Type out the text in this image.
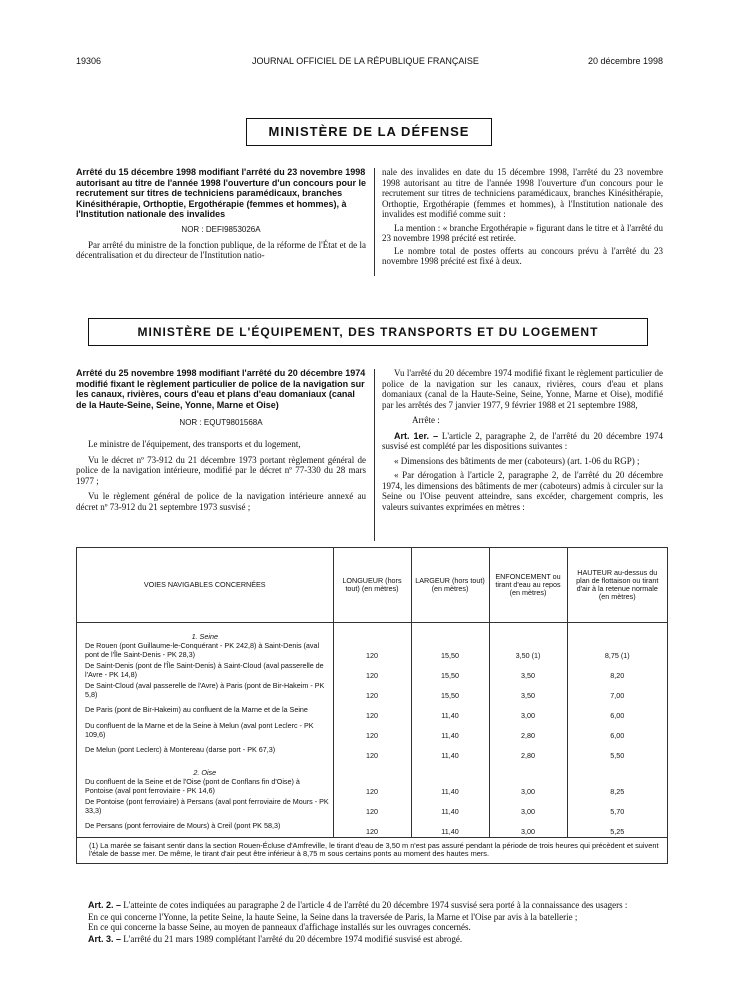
19306	JOURNAL OFFICIEL DE LA RÉPUBLIQUE FRANÇAISE	20 décembre 1998
MINISTÈRE DE LA DÉFENSE
Arrêté du 15 décembre 1998 modifiant l'arrêté du 23 novembre 1998 autorisant au titre de l'année 1998 l'ouverture d'un concours pour le recrutement sur titres de techniciens paramédicaux, branches Kinésithérapie, Orthoptie, Ergothérapie (femmes et hommes), à l'Institution nationale des invalides
NOR : DEFI9853026A

Par arrêté du ministre de la fonction publique, de la réforme de l'État et de la décentralisation et du directeur de l'Institution natio-

nale des invalides en date du 15 décembre 1998, l'arrêté du 23 novembre 1998 autorisant au titre de l'année 1998 l'ouverture d'un concours pour le recrutement sur titres de techniciens paramédicaux, branches Kinésithérapie, Orthoptie, Ergothérapie (femmes et hommes), à l'Institution nationale des invalides est modifié comme suit :

La mention : « branche Ergothérapie » figurant dans le titre et à l'arrêté du 23 novembre 1998 précité est retirée.

Le nombre total de postes offerts au concours prévu à l'arrêté du 23 novembre 1998 précité est fixé à deux.

MINISTÈRE DE L'ÉQUIPEMENT, DES TRANSPORTS ET DU LOGEMENT
Arrêté du 25 novembre 1998 modifiant l'arrêté du 20 décembre 1974 modifié fixant le règlement particulier de police de la navigation sur les canaux, rivières, cours d'eau et plans d'eau domaniaux (canal de la Haute-Seine, Seine, Yonne, Marne et Oise)
NOR : EQUT9801568A

Le ministre de l'équipement, des transports et du logement,

Vu le décret nº 73-912 du 21 décembre 1973 portant règlement général de police de la navigation intérieure, modifié par le décret nº 77-330 du 28 mars 1977 ;

Vu le règlement général de police de la navigation intérieure annexé au décret nº 73-912 du 21 septembre 1973 susvisé ;

Vu l'arrêté du 20 décembre 1974 modifié fixant le règlement particulier de police de la navigation sur les canaux, rivières, cours d'eau et plans domaniaux (canal de la Haute-Seine, Seine, Yonne, Marne et Oise), modifié par les arrêtés des 7 janvier 1977, 9 février 1988 et 21 septembre 1988,

Arrête :

Art. 1er. – L'article 2, paragraphe 2, de l'arrêté du 20 décembre 1974 susvisé est complété par les dispositions suivantes :

« Dimensions des bâtiments de mer (caboteurs) (art. 1-06 du RGP) ;

« Par dérogation à l'article 2, paragraphe 2, de l'arrêté du 20 décembre 1974, les dimensions des bâtiments de mer (caboteurs) admis à circuler sur la Seine ou l'Oise peuvent atteindre, sans excéder, chargement compris, les valeurs suivantes exprimées en mètres :

VOIES NAVIGABLES CONCERNÉES	LONGUEUR (hors tout) (en mètres)	LARGEUR (hors tout) (en mètres)	ENFONCEMENT ou tirant d'eau au repos (en mètres)	HAUTEUR au-dessus du plan de flottaison ou tirant d'air à la retenue normale (en mètres)
1. Seine				
De Rouen (pont Guillaume-le-Conquérant - PK 242,8) à Saint-Denis (aval pont de l'Île Saint-Denis - PK 28,3)	120	15,50	3,50 (1)	8,75 (1)
De Saint-Denis (pont de l'Île Saint-Denis) à Saint-Cloud (aval passerelle de l'Avre - PK 14,8)	120	15,50	3,50	8,20
De Saint-Cloud (aval passerelle de l'Avre) à Paris (pont de Bir-Hakeim - PK 5,8)	120	15,50	3,50	7,00
De Paris (pont de Bir-Hakeim) au confluent de la Marne et de la Seine	120	11,40	3,00	6,00
Du confluent de la Marne et de la Seine à Melun (aval pont Leclerc - PK 109,6)	120	11,40	2,80	6,00
De Melun (pont Leclerc) à Montereau (darse port - PK 67,3)	120	11,40	2,80	5,50
2. Oise				
Du confluent de la Seine et de l'Oise (pont de Conflans fin d'Oise) à Pontoise (aval pont ferroviaire - PK 14,6)	120	11,40	3,00	8,25
De Pontoise (pont ferroviaire) à Persans (aval pont ferroviaire de Mours - PK 33,3)	120	11,40	3,00	5,70
De Persans (pont ferroviaire de Mours) à Creil (pont PK 58,3)	120	11,40	3,00	5,25
(1) La marée se faisant sentir dans la section Rouen-Écluse d'Amfreville, le tirant d'eau de 3,50 m n'est pas assuré pendant la période de trois heures qui précèdent et suivent l'étale de basse mer. De même, le tirant d'air peut être inférieur à 8,75 m sous certains ponts au moment des hautes mers.

Art. 2. – L'atteinte de cotes indiquées au paragraphe 2 de l'article 4 de l'arrêté du 20 décembre 1974 susvisé sera porté à la connaissance des usagers :

En ce qui concerne l'Yonne, la petite Seine, la haute Seine, la Seine dans la traversée de Paris, la Marne et l'Oise par avis à la batellerie ;

En ce qui concerne la basse Seine, au moyen de panneaux d'affichage installés sur les ouvrages concernés.

Art. 3. – L'arrêté du 21 mars 1989 complétant l'arrêté du 20 décembre 1974 modifié susvisé est abrogé.
